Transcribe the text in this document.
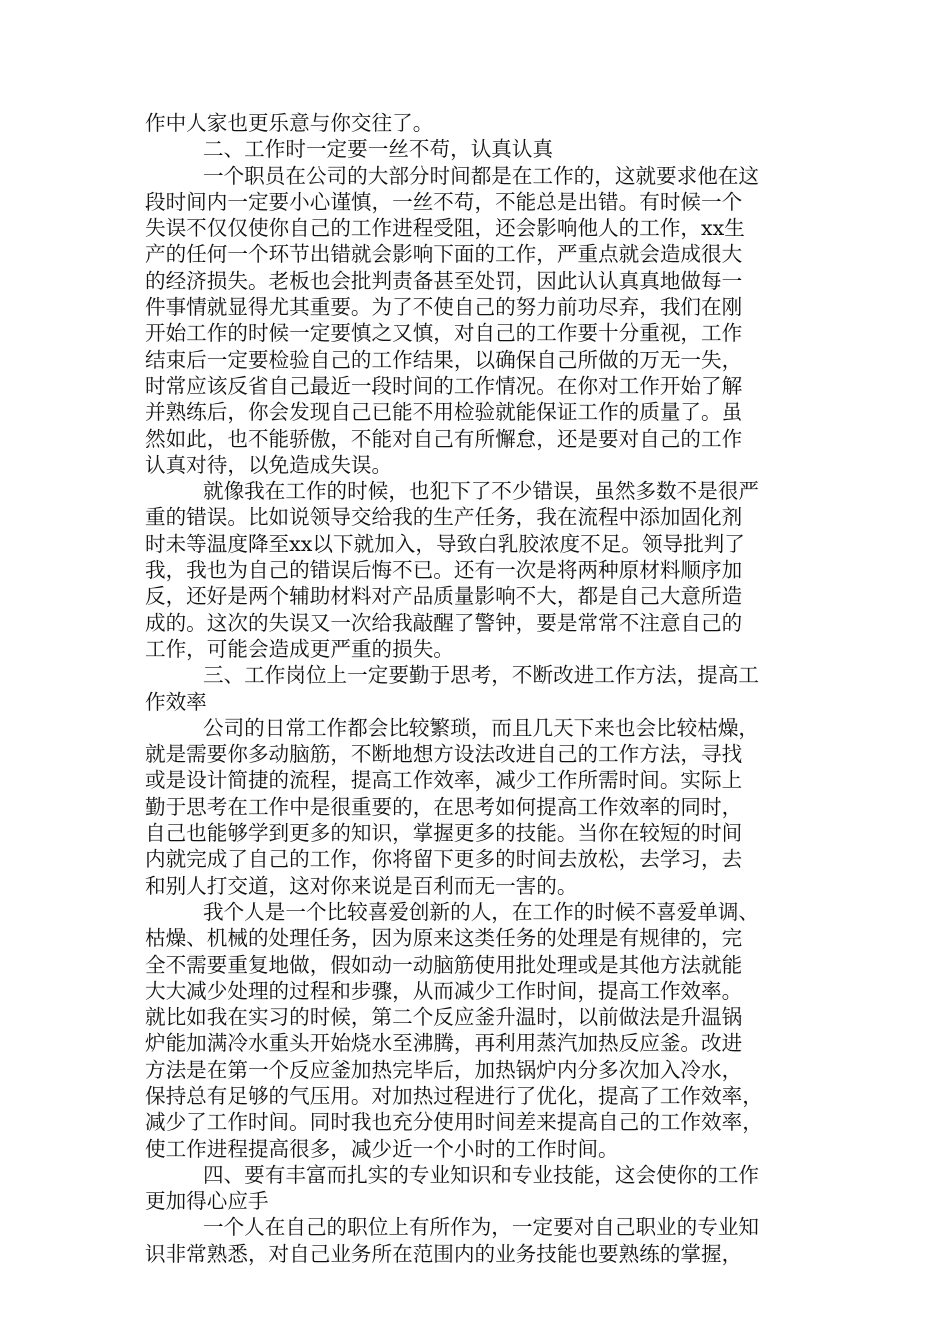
作中人家也更乐意与你交往了。
二、工作时一定要一丝不苟，认真认真
一个职员在公司的大部分时间都是在工作的，这就要求他在这
段时间内一定要小心谨慎，一丝不苟，不能总是出错。有时候一个
失误不仅仅使你自己的工作进程受阻，还会影响他人的工作，xx生
产的任何一个环节出错就会影响下面的工作，严重点就会造成很大
的经济损失。老板也会批判责备甚至处罚，因此认认真真地做每一
件事情就显得尤其重要。为了不使自己的努力前功尽弃，我们在刚
开始工作的时候一定要慎之又慎，对自己的工作要十分重视，工作
结束后一定要检验自己的工作结果，以确保自己所做的万无一失，
时常应该反省自己最近一段时间的工作情况。在你对工作开始了解
并熟练后，你会发现自己已能不用检验就能保证工作的质量了。虽
然如此，也不能骄傲，不能对自己有所懈怠，还是要对自己的工作
认真对待，以免造成失误。
就像我在工作的时候，也犯下了不少错误，虽然多数不是很严
重的错误。比如说领导交给我的生产任务，我在流程中添加固化剂
时未等温度降至xx以下就加入，导致白乳胶浓度不足。领导批判了
我，我也为自己的错误后悔不已。还有一次是将两种原材料顺序加
反，还好是两个辅助材料对产品质量影响不大，都是自己大意所造
成的。这次的失误又一次给我敲醒了警钟，要是常常不注意自己的
工作，可能会造成更严重的损失。
三、工作岗位上一定要勤于思考，不断改进工作方法，提高工
作效率
公司的日常工作都会比较繁琐，而且几天下来也会比较枯燥，
就是需要你多动脑筋，不断地想方设法改进自己的工作方法，寻找
或是设计简捷的流程，提高工作效率，减少工作所需时间。实际上
勤于思考在工作中是很重要的，在思考如何提高工作效率的同时，
自己也能够学到更多的知识，掌握更多的技能。当你在较短的时间
内就完成了自己的工作，你将留下更多的时间去放松，去学习，去
和别人打交道，这对你来说是百利而无一害的。
我个人是一个比较喜爱创新的人，在工作的时候不喜爱单调、
枯燥、机械的处理任务，因为原来这类任务的处理是有规律的，完
全不需要重复地做，假如动一动脑筋使用批处理或是其他方法就能
大大减少处理的过程和步骤，从而减少工作时间，提高工作效率。
就比如我在实习的时候，第二个反应釜升温时，以前做法是升温锅
炉能加满冷水重头开始烧水至沸腾，再利用蒸汽加热反应釜。改进
方法是在第一个反应釜加热完毕后，加热锅炉内分多次加入冷水，
保持总有足够的气压用。对加热过程进行了优化，提高了工作效率，
减少了工作时间。同时我也充分使用时间差来提高自己的工作效率，
使工作进程提高很多，减少近一个小时的工作时间。
四、要有丰富而扎实的专业知识和专业技能，这会使你的工作
更加得心应手
一个人在自己的职位上有所作为，一定要对自己职业的专业知
识非常熟悉，对自己业务所在范围内的业务技能也要熟练的掌握，
